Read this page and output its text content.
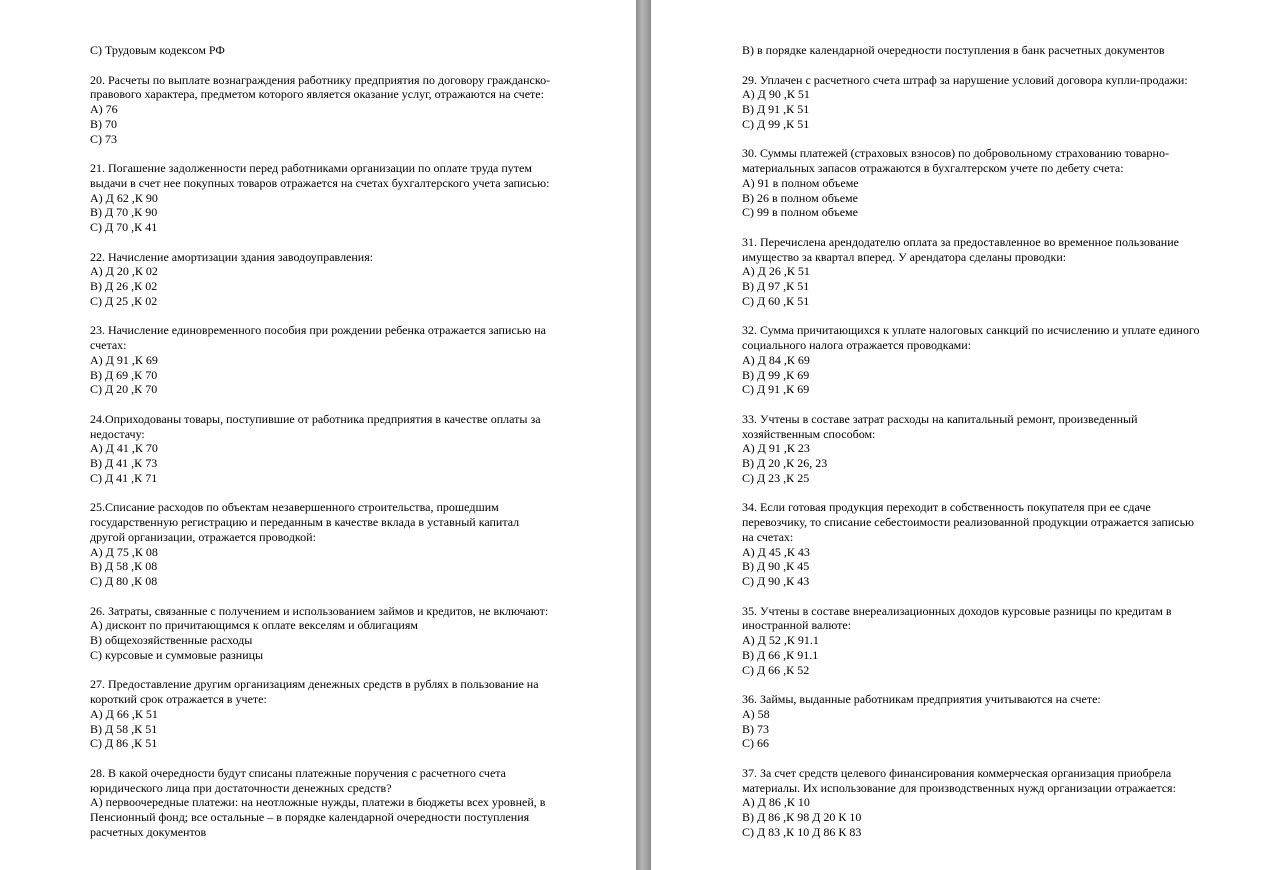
С) Трудовым кодексом РФ
20. Расчеты по выплате вознаграждения работнику предприятия по договору гражданско-
правового характера, предметом которого является оказание услуг, отражаются на счете:
А) 76
В) 70
С) 73
21. Погашение задолженности перед работниками организации по оплате труда путем
выдачи в счет нее покупных товаров отражается на счетах бухгалтерского учета записью:
А) Д 62 ,К 90
В) Д 70 ,К 90
С) Д 70 ,К 41
22. Начисление амортизации здания заводоуправления:
А) Д 20 ,К 02
В) Д 26 ,К 02
С) Д 25 ,К 02
23. Начисление единовременного пособия при рождении ребенка отражается записью на
счетах:
А) Д 91 ,К 69
В) Д 69 ,К 70
С) Д 20 ,К 70
24.Оприходованы товары, поступившие от работника предприятия в качестве оплаты за
недостачу:
А) Д 41 ,К 70
В) Д 41 ,К 73
С) Д 41 ,К 71
25.Списание расходов по объектам незавершенного строительства, прошедшим
государственную регистрацию и переданным в качестве вклада в уставный капитал
другой организации, отражается проводкой:
А) Д 75 ,К 08
В) Д 58 ,К 08
С) Д 80 ,К 08
26. Затраты, связанные с получением и использованием займов и кредитов, не включают:
А) дисконт по причитающимся к оплате векселям и облигациям
В) общехозяйственные расходы
С) курсовые и суммовые разницы
27. Предоставление другим организациям денежных средств в рублях в пользование на
короткий срок отражается в учете:
А) Д 66 ,К 51
В) Д 58 ,К 51
С) Д 86 ,К 51
28. В какой очередности будут списаны платежные поручения с расчетного счета
юридического лица при достаточности денежных средств?
А) первоочередные платежи: на неотложные нужды, платежи в бюджеты всех уровней, в
Пенсионный фонд; все остальные – в порядке календарной очередности поступления
расчетных документов
В) в порядке календарной очередности поступления в банк расчетных документов
29. Уплачен с расчетного счета штраф за нарушение условий договора купли-продажи:
А) Д 90 ,К 51
В) Д 91 ,К 51
С) Д 99 ,К 51
30. Суммы платежей (страховых взносов) по добровольному страхованию товарно-
материальных запасов отражаются в бухгалтерском учете по дебету счета:
А) 91 в полном объеме
В) 26 в полном объеме
С) 99 в полном объеме
31. Перечислена арендодателю оплата за предоставленное во временное пользование
имущество за квартал вперед. У арендатора сделаны проводки:
А) Д 26 ,К 51
В) Д 97 ,К 51
С) Д 60 ,К 51
32. Сумма причитающихся к уплате налоговых санкций по исчислению и уплате единого
социального налога отражается проводками:
А) Д 84 ,К 69
В) Д 99 ,К 69
С) Д 91 ,К 69
33. Учтены в составе затрат расходы на капитальный ремонт, произведенный
хозяйственным способом:
А) Д 91 ,К 23
В) Д 20 ,К 26, 23
С) Д 23 ,К 25
34. Если готовая продукция переходит в собственность покупателя при ее сдаче
перевозчику, то списание себестоимости реализованной продукции отражается записью
на счетах:
А) Д 45 ,К 43
В) Д 90 ,К 45
С) Д 90 ,К 43
35. Учтены в составе внереализационных доходов курсовые разницы по кредитам в
иностранной валюте:
А) Д 52 ,К 91.1
В) Д 66 ,К 91.1
С) Д 66 ,К 52
36. Займы, выданные работникам предприятия учитываются на счете:
А) 58
В) 73
С) 66
37. За счет средств целевого финансирования коммерческая организация приобрела
материалы. Их использование для производственных нужд организации отражается:
А) Д 86 ,К 10
В) Д 86 ,К 98 Д 20 К 10
С) Д 83 ,К 10 Д 86 К 83
